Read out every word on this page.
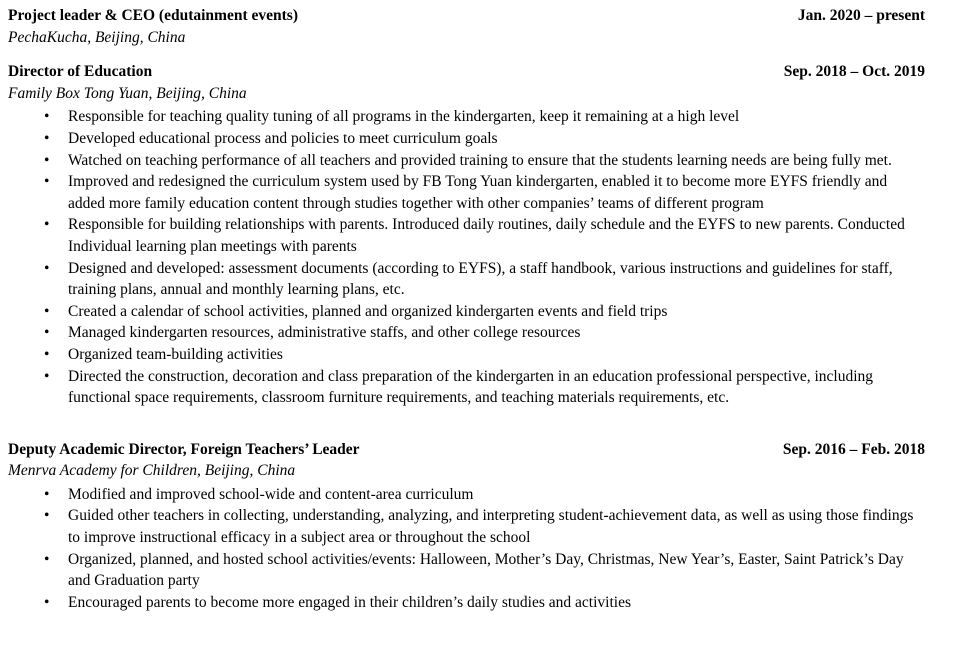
Project leader & CEO (edutainment events)	Jan. 2020 – present
PechaKucha, Beijing, China
Director of Education	Sep. 2018 – Oct. 2019
Family Box Tong Yuan, Beijing, China
• Responsible for teaching quality tuning of all programs in the kindergarten, keep it remaining at a high level
• Developed educational process and policies to meet curriculum goals
• Watched on teaching performance of all teachers and provided training to ensure that the students learning needs are being fully met.
• Improved and redesigned the curriculum system used by FB Tong Yuan kindergarten, enabled it to become more EYFS friendly and added more family education content through studies together with other companies’ teams of different program
• Responsible for building relationships with parents. Introduced daily routines, daily schedule and the EYFS to new parents. Conducted Individual learning plan meetings with parents
• Designed and developed: assessment documents (according to EYFS), a staff handbook, various instructions and guidelines for staff, training plans, annual and monthly learning plans, etc.
• Created a calendar of school activities, planned and organized kindergarten events and field trips
• Managed kindergarten resources, administrative staffs, and other college resources
• Organized team-building activities
• Directed the construction, decoration and class preparation of the kindergarten in an education professional perspective, including functional space requirements, classroom furniture requirements, and teaching materials requirements, etc.
Deputy Academic Director, Foreign Teachers’ Leader	Sep. 2016 – Feb. 2018
Menrva Academy for Children, Beijing, China
• Modified and improved school-wide and content-area curriculum
• Guided other teachers in collecting, understanding, analyzing, and interpreting student-achievement data, as well as using those findings to improve instructional efficacy in a subject area or throughout the school
• Organized, planned, and hosted school activities/events: Halloween, Mother’s Day, Christmas, New Year’s, Easter, Saint Patrick’s Day and Graduation party
• Encouraged parents to become more engaged in their children’s daily studies and activities
